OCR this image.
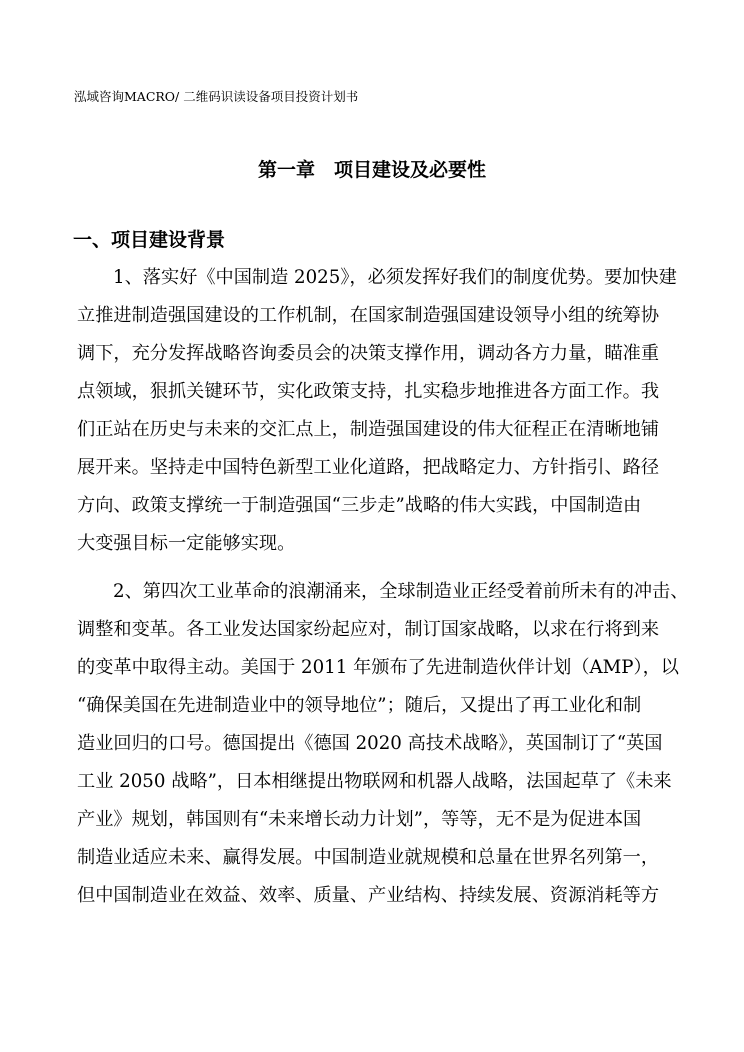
泓域咨询MACRO/ 二维码识读设备项目投资计划书
第一章　项目建设及必要性
一、项目建设背景
1、落实好《中国制造 2025》，必须发挥好我们的制度优势。要加快建
立推进制造强国建设的工作机制，在国家制造强国建设领导小组的统筹协
调下，充分发挥战略咨询委员会的决策支撑作用，调动各方力量，瞄准重
点领域，狠抓关键环节，实化政策支持，扎实稳步地推进各方面工作。我
们正站在历史与未来的交汇点上，制造强国建设的伟大征程正在清晰地铺
展开来。坚持走中国特色新型工业化道路，把战略定力、方针指引、路径
方向、政策支撑统一于制造强国“三步走”战略的伟大实践，中国制造由
大变强目标一定能够实现。
2、第四次工业革命的浪潮涌来，全球制造业正经受着前所未有的冲击、
调整和变革。各工业发达国家纷起应对，制订国家战略，以求在行将到来
的变革中取得主动。美国于 2011 年颁布了先进制造伙伴计划（AMP），以
“确保美国在先进制造业中的领导地位”；随后，又提出了再工业化和制
造业回归的口号。德国提出《德国 2020 高技术战略》，英国制订了“英国
工业 2050 战略”，日本相继提出物联网和机器人战略，法国起草了《未来
产业》规划，韩国则有“未来增长动力计划”，等等，无不是为促进本国
制造业适应未来、赢得发展。中国制造业就规模和总量在世界名列第一，
但中国制造业在效益、效率、质量、产业结构、持续发展、资源消耗等方
